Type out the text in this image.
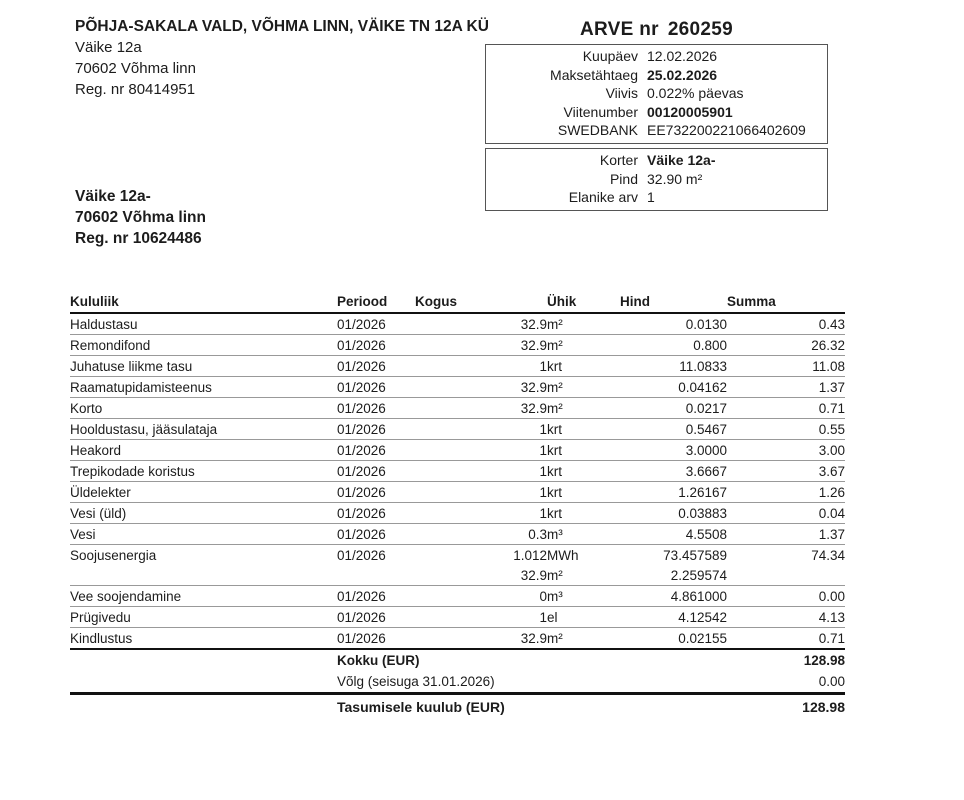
PÕHJA-SAKALA VALD, VÕHMA LINN, VÄIKE TN 12A KÜ
Väike 12a
70602 Võhma linn
Reg. nr 80414951
ARVE nr 260259
Kuupäev 12.02.2026
Maksetähtaeg 25.02.2026
Viivis 0.022% päevas
Viitenumber 00120005901
SWEDBANK EE732200221066402609
Korter Väike 12a-
Pind 32.90 m²
Elanike arv 1
Väike 12a-
70602 Võhma linn
Reg. nr 10624486
Kululiik	Periood	Kogus	Ühik	Hind	Summa
Haldustasu	01/2026	32.9	m²	0.0130	0.43
Remondifond	01/2026	32.9	m²	0.800	26.32
Juhatuse liikme tasu	01/2026	1	krt	11.0833	11.08
Raamatupidamisteenus	01/2026	32.9	m²	0.04162	1.37
Korto	01/2026	32.9	m²	0.0217	0.71
Hooldustasu, jääsulataja	01/2026	1	krt	0.5467	0.55
Heakord	01/2026	1	krt	3.0000	3.00
Trepikodade koristus	01/2026	1	krt	3.6667	3.67
Üldelekter	01/2026	1	krt	1.26167	1.26
Vesi (üld)	01/2026	1	krt	0.03883	0.04
Vesi	01/2026	0.3	m³	4.5508	1.37
Soojusenergia	01/2026	1.012	MWh	73.457589	74.34
		32.9	m²	2.259574	
Vee soojendamine	01/2026	0	m³	4.861000	0.00
Prügivedu	01/2026	1	el	4.12542	4.13
Kindlustus	01/2026	32.9	m²	0.02155	0.71
	Kokku (EUR)				128.98
	Võlg (seisuga 31.01.2026)				0.00
	Tasumisele kuulub (EUR)				128.98
